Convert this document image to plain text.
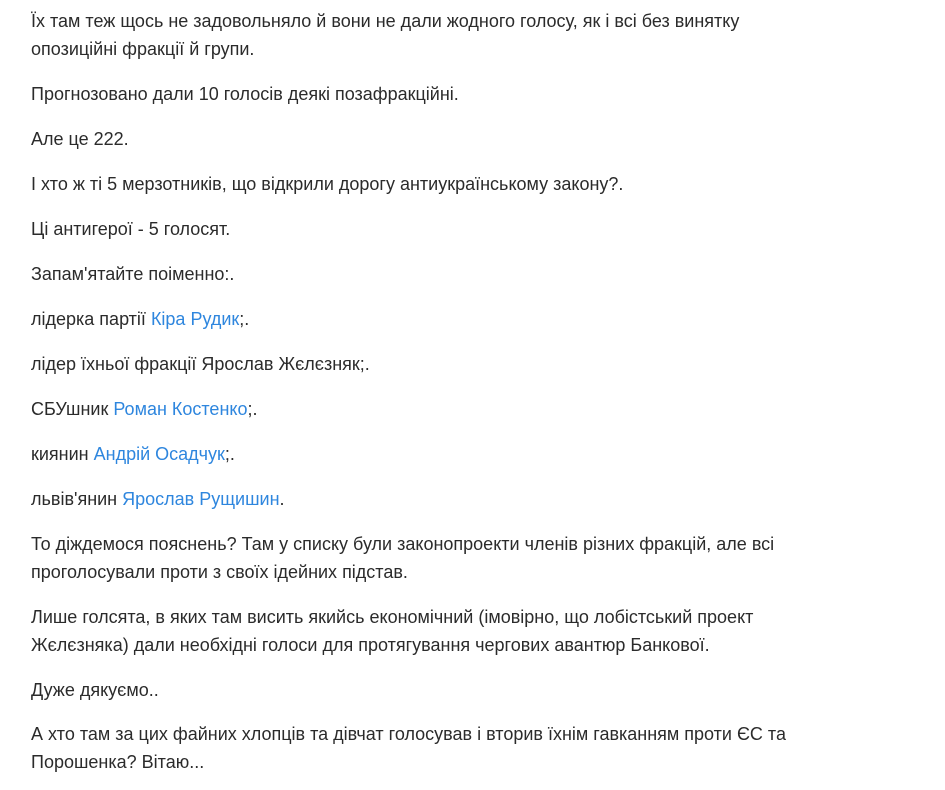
Їх там теж щось не задовольняло й вони не дали жодного голосу, як і всі без винятку

опозиційні фракції й групи.

Прогнозовано дали 10 голосів деякі позафракційні.

Але це 222.

І хто ж ті 5 мерзотників, що відкрили дорогу антиукраїнському закону?.

Ці антигерої - 5 голосят.

Запам'ятайте поіменно:.

лідерка партії Кіра Рудик;.

лідер їхньої фракції Ярослав Жєлєзняк;.

СБУшник Роман Костенко;.

киянин Андрій Осадчук;.

львів'янин Ярослав Рущишин.

То діждемося пояснень? Там у списку були законопроекти членів різних фракцій, але всі

проголосували проти з своїх ідейних підстав.

Лише голсята, в яких там висить якийсь економічний (імовірно, що лобістський проект

Жєлєзняка) дали необхідні голоси для протягування чергових авантюр Банкової.

Дуже дякуємо..

А хто там за цих файних хлопців та дівчат голосував і вторив їхнім гавканням проти ЄС та

Порошенка? Вітаю...
